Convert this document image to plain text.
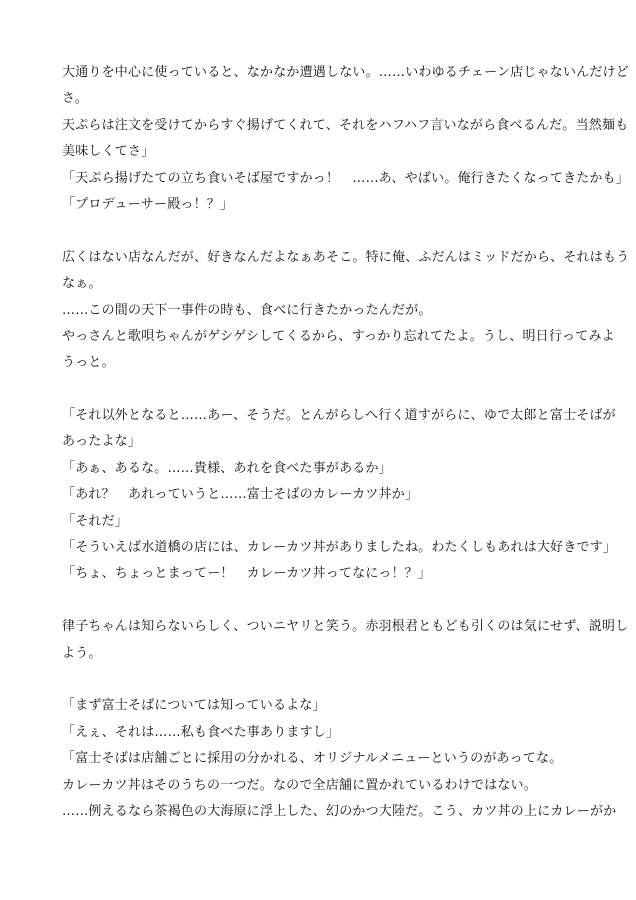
大通りを中心に使っていると、なかなか遭遇しない。……いわゆるチェーン店じゃないんだけど
さ。
天ぷらは注文を受けてからすぐ揚げてくれて、それをハフハフ言いながら食べるんだ。当然麺も
美味しくてさ」
「天ぷら揚げたての立ち食いそば屋ですかっ！　……あ、やばい。俺行きたくなってきたかも」
「プロデューサー殿っ！？」
広くはない店なんだが、好きなんだよなぁあそこ。特に俺、ふだんはミッドだから、それはもう
なぁ。
……この間の天下一事件の時も、食べに行きたかったんだが。
やっさんと歌唄ちゃんがゲシゲシしてくるから、すっかり忘れてたよ。うし、明日行ってみよ
うっと。
「それ以外となると……あー、そうだ。とんがらしへ行く道すがらに、ゆで太郎と富士そばが
あったよな」
「あぁ、あるな。……貴様、あれを食べた事があるか」
「あれ？　あれっていうと……富士そばのカレーカツ丼か」
「それだ」
「そういえば水道橋の店には、カレーカツ丼がありましたね。わたくしもあれは大好きです」
「ちょ、ちょっとまってー！　カレーカツ丼ってなにっ！？」
律子ちゃんは知らないらしく、ついニヤリと笑う。赤羽根君ともども引くのは気にせず、説明し
よう。
「まず富士そばについては知っているよな」
「えぇ、それは……私も食べた事ありますし」
「富士そばは店舗ごとに採用の分かれる、オリジナルメニューというのがあってな。
カレーカツ丼はそのうちの一つだ。なので全店舗に置かれているわけではない。
……例えるなら茶褐色の大海原に浮上した、幻のかつ大陸だ。こう、カツ丼の上にカレーがか
